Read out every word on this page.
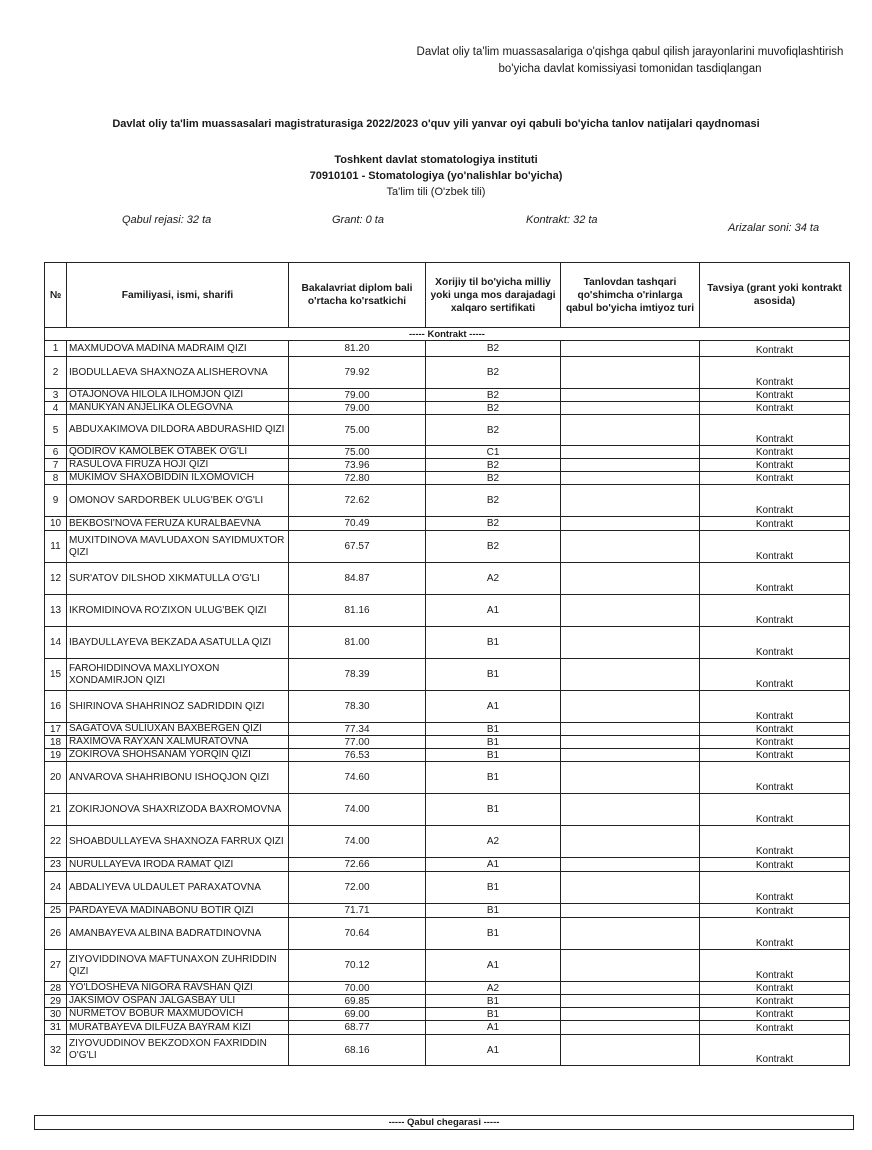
Davlat oliy ta'lim muassasalariga o'qishga qabul qilish jarayonlarini muvofiqlashtirish
bo'yicha davlat komissiyasi tomonidan tasdiqlangan
Davlat oliy ta'lim muassasalari magistraturasiga 2022/2023 o'quv yili yanvar oyi qabuli bo'yicha tanlov natijalari qaydnomasi
Toshkent davlat stomatologiya instituti
70910101 - Stomatologiya (yo'nalishlar bo'yicha)
Ta'lim tili (O'zbek tili)
Qabul rejasi: 32 ta	Grant: 0 ta	Kontrakt: 32 ta
Arizalar soni: 34 ta
№	Familiyasi, ismi, sharifi	Bakalavriat diplom bali o'rtacha ko'rsatkichi	Xorijiy til bo'yicha milliy yoki unga mos darajadagi xalqaro sertifikati	Tanlovdan tashqari qo'shimcha o'rinlarga qabul bo'yicha imtiyoz turi	Tavsiya (grant yoki kontrakt asosida)
----- Kontrakt -----					
1	MAXMUDOVA MADINA MADRAIM QIZI	81.20	B2		Kontrakt
2	IBODULLAEVA SHAXNOZA ALISHEROVNA	79.92	B2		Kontrakt
3	OTAJONOVA HILOLA ILHOMJON QIZI	79.00	B2		Kontrakt
4	MANUKYAN ANJELIKA OLEGOVNA	79.00	B2		Kontrakt
5	ABDUXAKIMOVA DILDORA ABDURASHID QIZI	75.00	B2		Kontrakt
6	QODIROV KAMOLBEK OTABEK O'G'LI	75.00	C1		Kontrakt
7	RASULOVA FIRUZA HOJI QIZI	73.96	B2		Kontrakt
8	MUKIMOV SHAXOBIDDIN ILXOMOVICH	72.80	B2		Kontrakt
9	OMONOV SARDORBEK ULUG'BEK O'G'LI	72.62	B2		Kontrakt
10	BEKBOSI'NOVA FERUZA KURALBAEVNA	70.49	B2		Kontrakt
11	MUXITDINOVA MAVLUDAXON SAYIDMUXTOR QIZI	67.57	B2		Kontrakt
12	SUR'ATOV DILSHOD XIKMATULLA O'G'LI	84.87	A2		Kontrakt
13	IKROMIDINOVA RO'ZIXON ULUG'BEK QIZI	81.16	A1		Kontrakt
14	IBAYDULLAYEVA BEKZADA ASATULLA QIZI	81.00	B1		Kontrakt
15	FAROHIDDINOVA MAXLIYOXON XONDAMIRJON QIZI	78.39	B1		Kontrakt
16	SHIRINOVA SHAHRINOZ SADRIDDIN QIZI	78.30	A1		Kontrakt
17	SAGATOVA SULÍUXAN BAXBERGEN QÍZÍ	77.34	B1		Kontrakt
18	RAXIMOVA RAYXAN XALMURATOVNA	77.00	B1		Kontrakt
19	ZOKIROVA SHOHSANAM YORQIN QIZI	76.53	B1		Kontrakt
20	ANVAROVA SHAHRIBONU ISHOQJON QIZI	74.60	B1		Kontrakt
21	ZOKIRJONOVA SHAXRIZODA BAXROMOVNA	74.00	B1		Kontrakt
22	SHOABDULLAYEVA SHAXNOZA FARRUX QIZI	74.00	A2		Kontrakt
23	NURULLAYEVA IRODA RAMAT QIZI	72.66	A1		Kontrakt
24	ABDALIYEVA ULDAULET PARAXATOVNA	72.00	B1		Kontrakt
25	PARDAYEVA MADINABONU BOTIR QIZI	71.71	B1		Kontrakt
26	AMANBAYEVA ALBINA BADRATDINOVNA	70.64	B1		Kontrakt
27	ZIYOVIDDINOVA MAFTUNAXON ZUHRIDDIN QIZI	70.12	A1		Kontrakt
28	YO'LDOSHEVA NIGORA RAVSHAN QIZI	70.00	A2		Kontrakt
29	JAKSIMOV OSPAN JALGASBAY ULI	69.85	B1		Kontrakt
30	NURMETOV BOBUR MAXMUDOVICH	69.00	B1		Kontrakt
31	MURATBAYEVA DILFUZA BAYRAM KIZI	68.77	A1		Kontrakt
32	ZIYOVUDDINOV BEKZODXON FAXRIDDIN O'G'LI	68.16	A1		Kontrakt
----- Qabul chegarasi -----
